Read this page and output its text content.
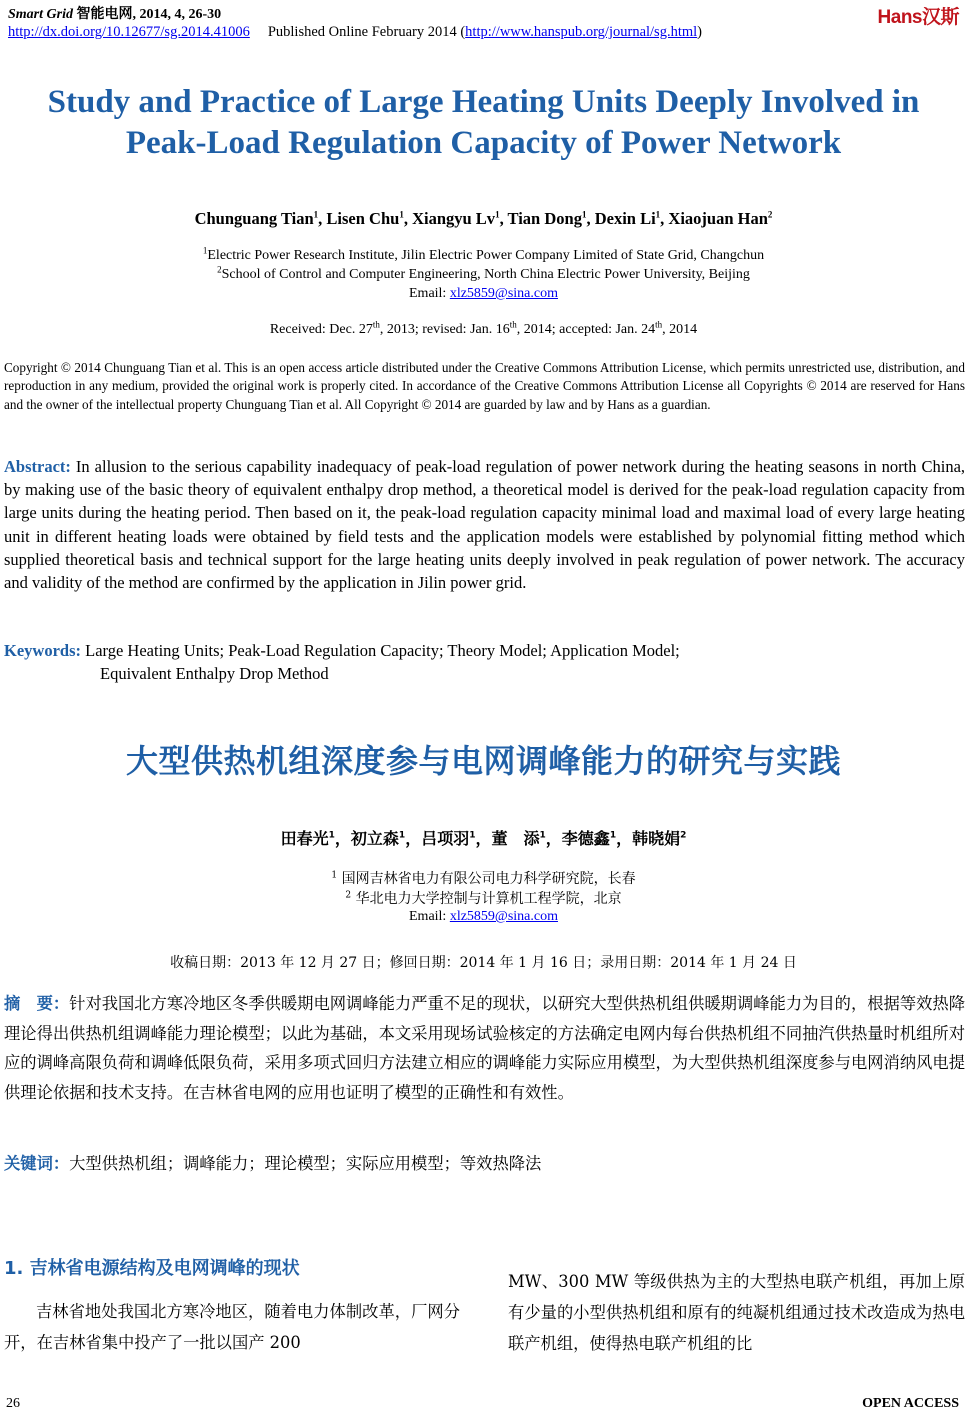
Smart Grid 智能电网, 2014, 4, 26-30	Hans汉斯
http://dx.doi.org/10.12677/sg.2014.41006 Published Online February 2014 (http://www.hanspub.org/journal/sg.html)
Study and Practice of Large Heating Units Deeply Involved in
Peak-Load Regulation Capacity of Power Network
Chunguang Tian$^1$, Lisen Chu$^1$, Xiangyu Lv$^1$, Tian Dong$^1$, Dexin Li$^1$, Xiaojuan Han$^2$
$^1$Electric Power Research Institute, Jilin Electric Power Company Limited of State Grid, Changchun
$^2$School of Control and Computer Engineering, North China Electric Power University, Beijing
Email: xlz5859@sina.com
Received: Dec. 27th, 2013; revised: Jan. 16th, 2014; accepted: Jan. 24th, 2014
Copyright © 2014 Chunguang Tian et al. This is an open access article distributed under the Creative Commons Attribution License, which permits unrestricted use, distribution, and reproduction in any medium, provided the original work is properly cited. In accordance of the Creative Commons Attribution License all Copyrights © 2014 are reserved for Hans and the owner of the intellectual property Chunguang Tian et al. All Copyright © 2014 are guarded by law and by Hans as a guardian.
Abstract: In allusion to the serious capability inadequacy of peak-load regulation of power network during the heating seasons in north China, by making use of the basic theory of equivalent enthalpy drop method, a theoretical model is derived for the peak-load regulation capacity from large units during the heating period. Then based on it, the peak-load regulation capacity minimal load and maximal load of every large heating unit in different heating loads were obtained by field tests and the application models were established by polynomial fitting method which supplied theoretical basis and technical support for the large heating units deeply involved in peak regulation of power network. The accuracy and validity of the method are confirmed by the application in Jilin power grid.
Keywords: Large Heating Units; Peak-Load Regulation Capacity; Theory Model; Application Model;
Equivalent Enthalpy Drop Method
大型供热机组深度参与电网调峰能力的研究与实践
田春光$^1$，初立森$^1$，吕项羽$^1$，董　添$^1$，李德鑫$^1$，韩晓娟$^2$
$^1$ 国网吉林省电力有限公司电力科学研究院，长春
$^2$ 华北电力大学控制与计算机工程学院，北京
Email: xlz5859@sina.com
收稿日期：2013 年 12 月 27 日；修回日期：2014 年 1 月 16 日；录用日期：2014 年 1 月 24 日
摘　要：针对我国北方寒冷地区冬季供暖期电网调峰能力严重不足的现状，以研究大型供热机组供暖期调峰能力为目的，根据等效热降理论得出供热机组调峰能力理论模型；以此为基础，本文采用现场试验核定的方法确定电网内每台供热机组不同抽汽供热量时机组所对应的调峰高限负荷和调峰低限负荷，采用多项式回归方法建立相应的调峰能力实际应用模型，为大型供热机组深度参与电网消纳风电提供理论依据和技术支持。在吉林省电网的应用也证明了模型的正确性和有效性。
关键词：大型供热机组；调峰能力；理论模型；实际应用模型；等效热降法
1. 吉林省电源结构及电网调峰的现状
吉林省地处我国北方寒冷地区，随着电力体制改革，厂网分开，在吉林省集中投产了一批以国产 200
MW、300 MW 等级供热为主的大型热电联产机组，再加上原有少量的小型供热机组和原有的纯凝机组通过技术改造成为热电联产机组，使得热电联产机组的比
26	OPEN ACCESS
